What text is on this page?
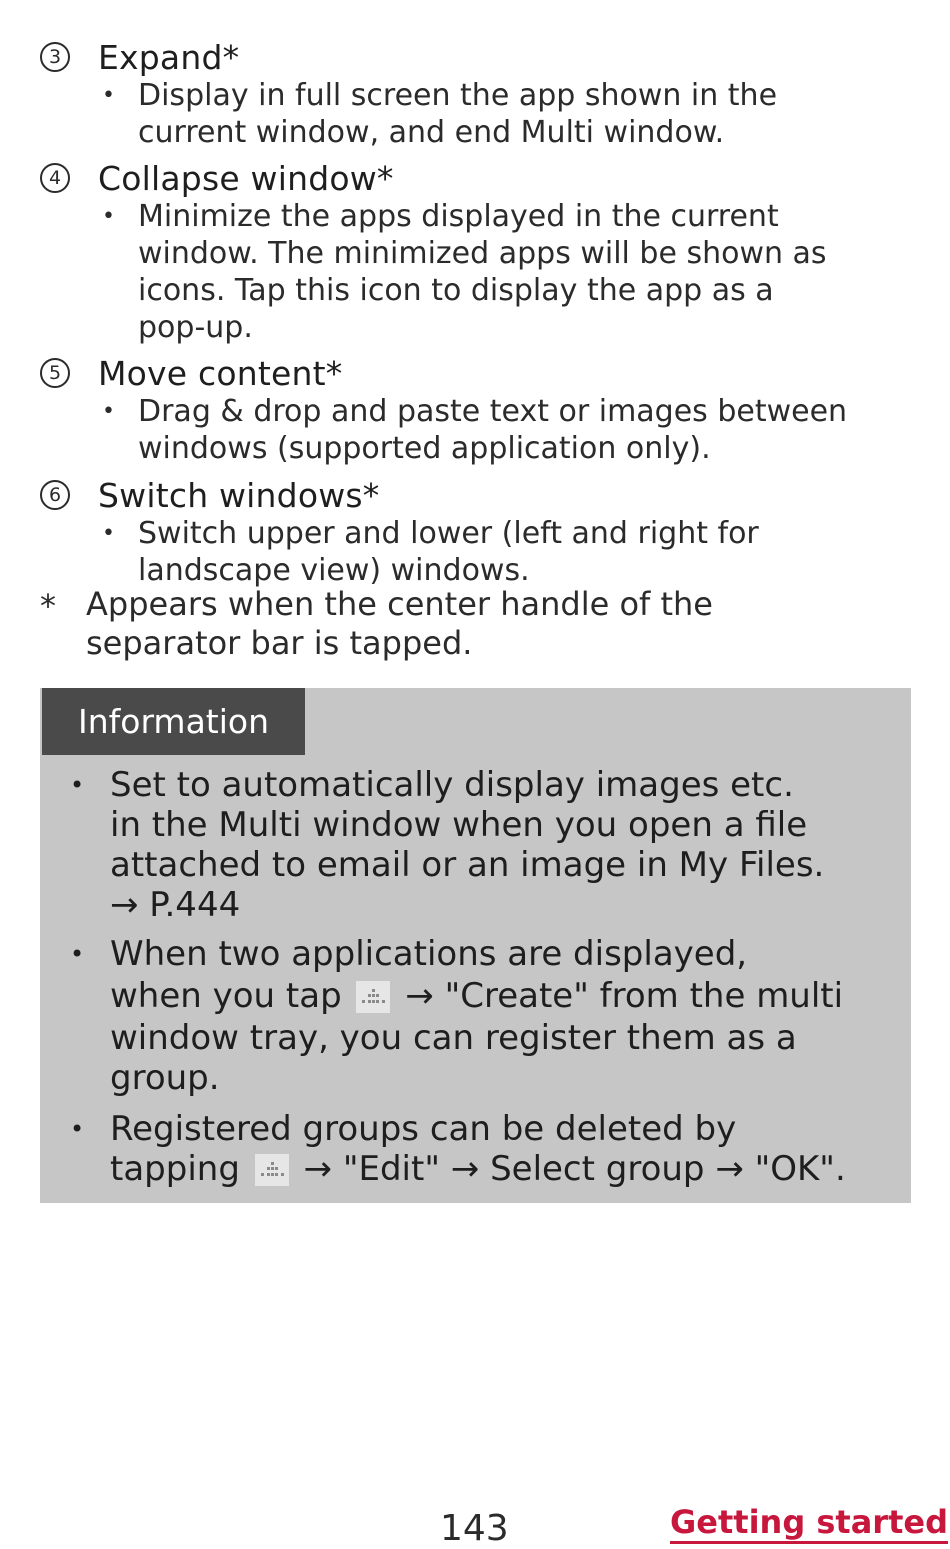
3 Expand*
• Display in full screen the app shown in the
current window, and end Multi window.
4 Collapse window*
• Minimize the apps displayed in the current
window. The minimized apps will be shown as
icons. Tap this icon to display the app as a
pop-up.
5 Move content*
• Drag & drop and paste text or images between
windows (supported application only).
6 Switch windows*
• Switch upper and lower (left and right for
landscape view) windows.
* Appears when the center handle of the
separator bar is tapped.
Information
• Set to automatically display images etc.
in the Multi window when you open a file
attached to email or an image in My Files.
→ P.444
• When two applications are displayed,
when you tap → "Create" from the multi
window tray, you can register them as a
group.
• Registered groups can be deleted by
tapping → "Edit" → Select group → "OK".
143	Getting started
